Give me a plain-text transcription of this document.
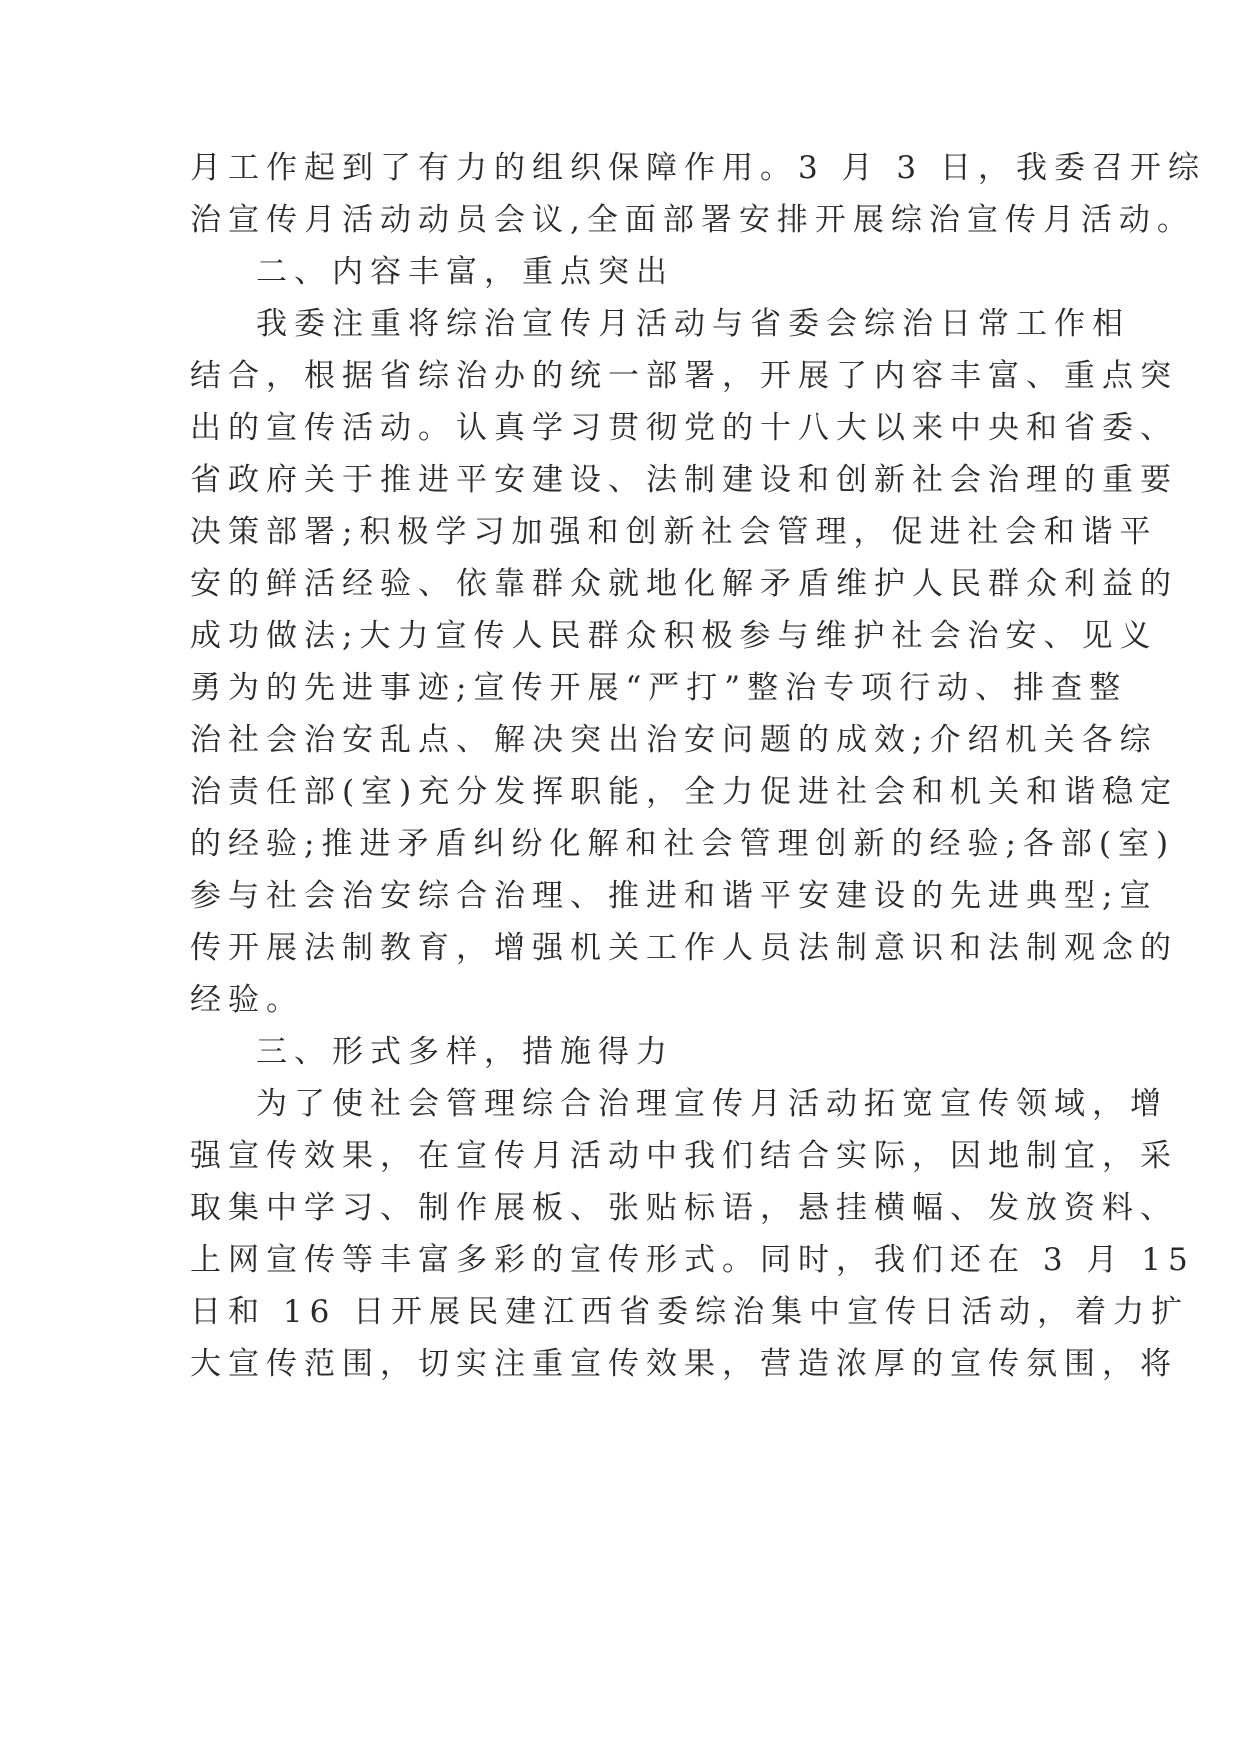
月工作起到了有力的组织保障作用。3 月 3 日，我委召开综

治宣传月活动动员会议,全面部署安排开展综治宣传月活动。

二、内容丰富，重点突出

我委注重将综治宣传月活动与省委会综治日常工作相

结合，根据省综治办的统一部署，开展了内容丰富、重点突

出的宣传活动。认真学习贯彻党的十八大以来中央和省委、

省政府关于推进平安建设、法制建设和创新社会治理的重要

决策部署;积极学习加强和创新社会管理，促进社会和谐平

安的鲜活经验、依靠群众就地化解矛盾维护人民群众利益的

成功做法;大力宣传人民群众积极参与维护社会治安、见义

勇为的先进事迹;宣传开展“严打”整治专项行动、排查整

治社会治安乱点、解决突出治安问题的成效;介绍机关各综

治责任部(室)充分发挥职能，全力促进社会和机关和谐稳定

的经验;推进矛盾纠纷化解和社会管理创新的经验;各部(室)

参与社会治安综合治理、推进和谐平安建设的先进典型;宣

传开展法制教育，增强机关工作人员法制意识和法制观念的

经验。

三、形式多样，措施得力

为了使社会管理综合治理宣传月活动拓宽宣传领域，增

强宣传效果，在宣传月活动中我们结合实际，因地制宜，采

取集中学习、制作展板、张贴标语，悬挂横幅、发放资料、

上网宣传等丰富多彩的宣传形式。同时，我们还在 3 月 15

日和 16 日开展民建江西省委综治集中宣传日活动，着力扩

大宣传范围，切实注重宣传效果，营造浓厚的宣传氛围，将
